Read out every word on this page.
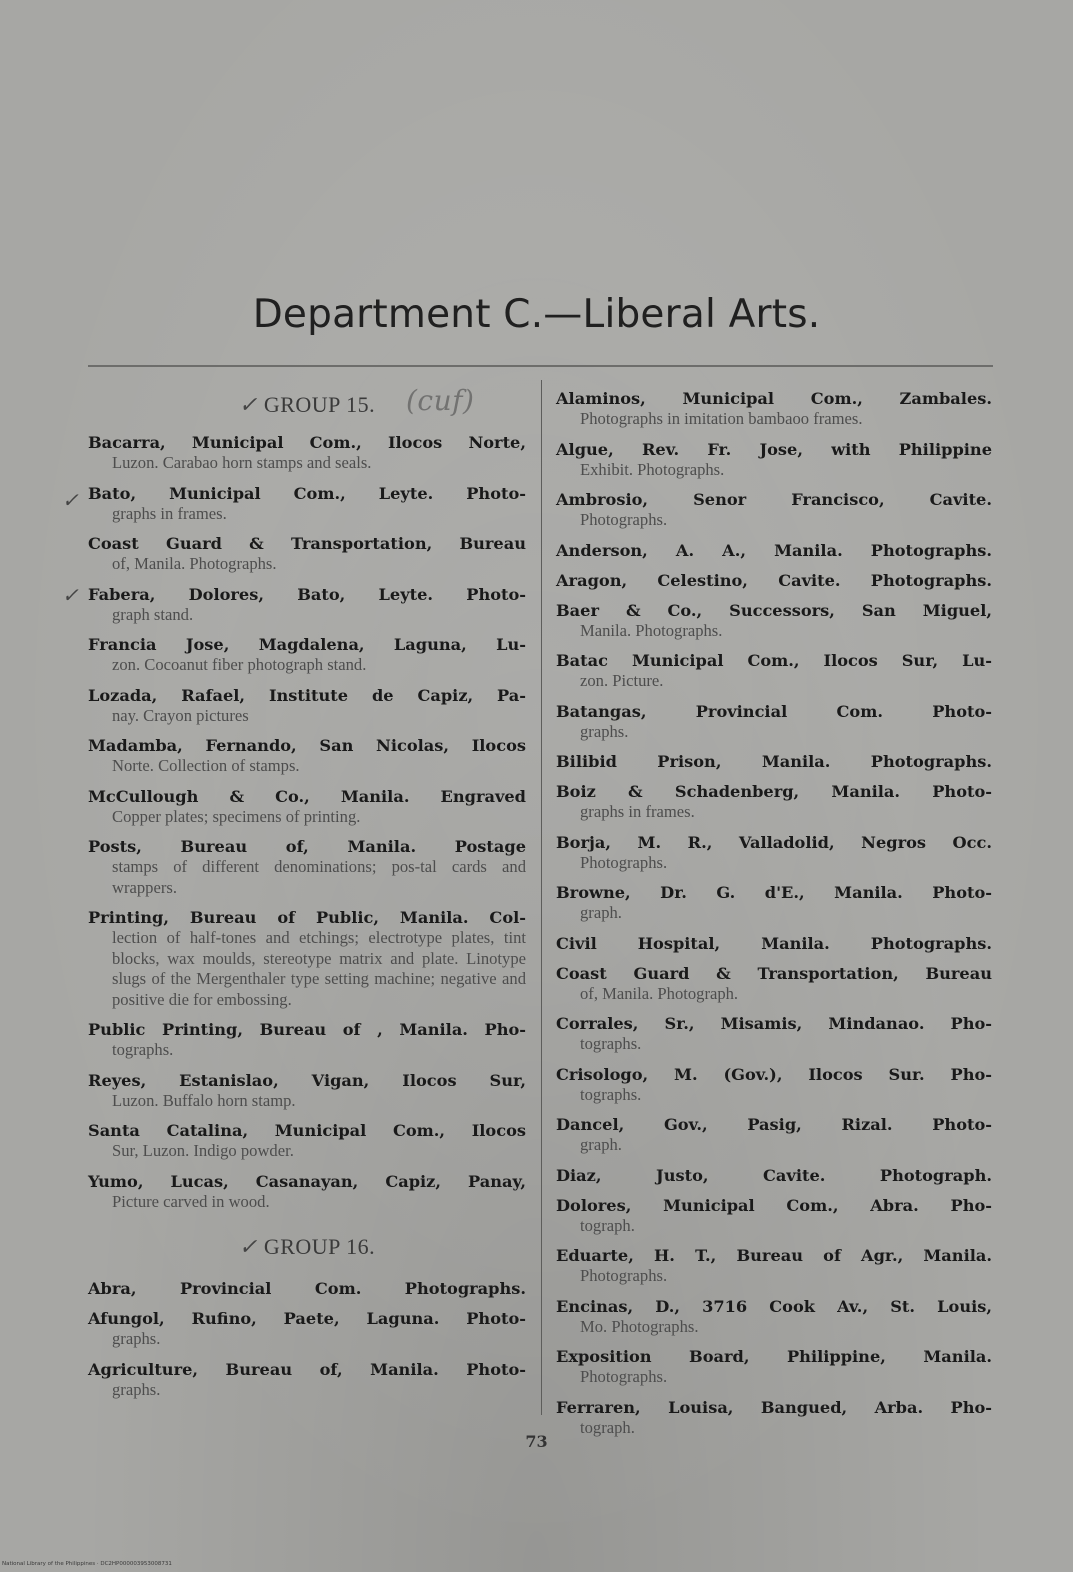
Department C.—Liberal Arts.
✓
✓
✓ GROUP 15. (cuf)
Bacarra, Municipal Com., Ilocos Norte,
Luzon. Carabao horn stamps and seals.
Bato, Municipal Com., Leyte. Photo-
graphs in frames.
Coast Guard & Transportation, Bureau
of, Manila. Photographs.
Fabera, Dolores, Bato, Leyte. Photo-
graph stand.
Francia Jose, Magdalena, Laguna, Lu-
zon. Cocoanut fiber photograph stand.
Lozada, Rafael, Institute de Capiz, Pa-
nay. Crayon pictures
Madamba, Fernando, San Nicolas, Ilocos
Norte. Collection of stamps.
McCullough & Co., Manila. Engraved
Copper plates; specimens of printing.
Posts, Bureau of, Manila. Postage
stamps of different denominations; pos-tal cards and wrappers.
Printing, Bureau of Public, Manila. Col-
lection of half-tones and etchings; electrotype plates, tint blocks, wax moulds, stereotype matrix and plate. Linotype slugs of the Mergenthaler type setting machine; negative and positive die for embossing.
Public Printing, Bureau of , Manila. Pho-
tographs.
Reyes, Estanislao, Vigan, Ilocos Sur,
Luzon. Buffalo horn stamp.
Santa Catalina, Municipal Com., Ilocos
Sur, Luzon. Indigo powder.
Yumo, Lucas, Casanayan, Capiz, Panay,
Picture carved in wood.
✓ GROUP 16.
Abra, Provincial Com. Photographs.
Afungol, Rufino, Paete, Laguna. Photo-
graphs.
Agriculture, Bureau of, Manila. Photo-
graphs.
Alaminos, Municipal Com., Zambales.
Photographs in imitation bambaoo frames.
Algue, Rev. Fr. Jose, with Philippine
Exhibit. Photographs.
Ambrosio, Senor Francisco, Cavite.
Photographs.
Anderson, A. A., Manila. Photographs.
Aragon, Celestino, Cavite. Photographs.
Baer & Co., Successors, San Miguel,
Manila. Photographs.
Batac Municipal Com., Ilocos Sur, Lu-
zon. Picture.
Batangas, Provincial Com. Photo-
graphs.
Bilibid Prison, Manila. Photographs.
Boiz & Schadenberg, Manila. Photo-
graphs in frames.
Borja, M. R., Valladolid, Negros Occ.
Photographs.
Browne, Dr. G. d'E., Manila. Photo-
graph.
Civil Hospital, Manila. Photographs.
Coast Guard & Transportation, Bureau
of, Manila. Photograph.
Corrales, Sr., Misamis, Mindanao. Pho-
tographs.
Crisologo, M. (Gov.), Ilocos Sur. Pho-
tographs.
Dancel, Gov., Pasig, Rizal. Photo-
graph.
Diaz, Justo, Cavite. Photograph.
Dolores, Municipal Com., Abra. Pho-
tograph.
Eduarte, H. T., Bureau of Agr., Manila.
Photographs.
Encinas, D., 3716 Cook Av., St. Louis,
Mo. Photographs.
Exposition Board, Philippine, Manila.
Photographs.
Ferraren, Louisa, Bangued, Arba. Pho-
tograph.
73
National Library of the Philippines · DC2HP000003953008731
